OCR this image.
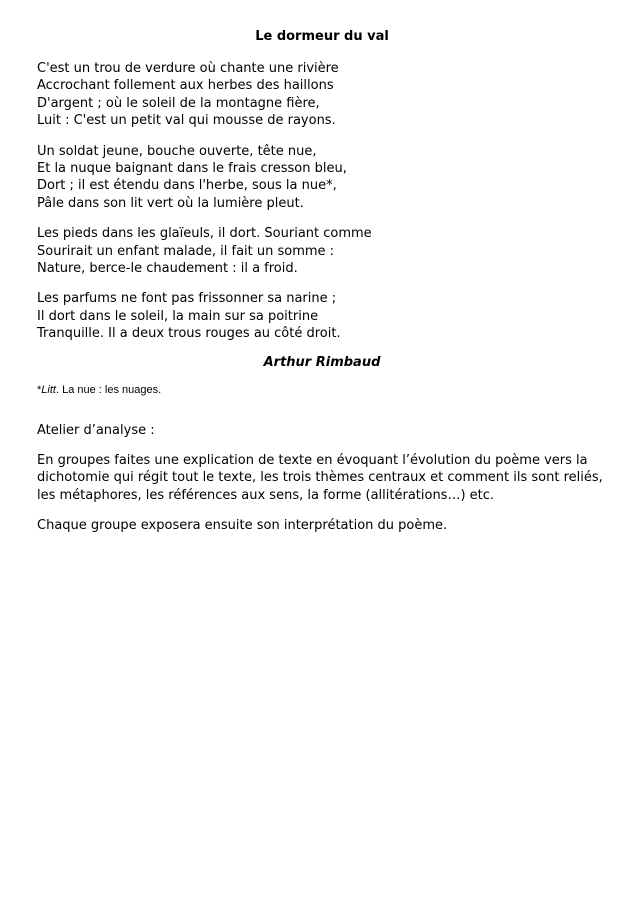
Le dormeur du val
C'est un trou de verdure où chante une rivière
Accrochant follement aux herbes des haillons
D'argent ; où le soleil de la montagne fière,
Luit : C'est un petit val qui mousse de rayons.
Un soldat jeune, bouche ouverte, tête nue,
Et la nuque baignant dans le frais cresson bleu,
Dort ; il est étendu dans l'herbe, sous la nue*,
Pâle dans son lit vert où la lumière pleut.
Les pieds dans les glaïeuls, il dort. Souriant comme
Sourirait un enfant malade, il fait un somme :
Nature, berce-le chaudement : il a froid.
Les parfums ne font pas frissonner sa narine ;
Il dort dans le soleil, la main sur sa poitrine
Tranquille. Il a deux trous rouges au côté droit.
Arthur Rimbaud
*Litt. La nue : les nuages.
Atelier d’analyse :
En groupes faites une explication de texte en évoquant l’évolution du poème vers la dichotomie qui régit tout le texte, les trois thèmes centraux et comment ils sont reliés, les métaphores, les références aux sens, la forme (allitérations…) etc.
Chaque groupe exposera ensuite son interprétation du poème.
